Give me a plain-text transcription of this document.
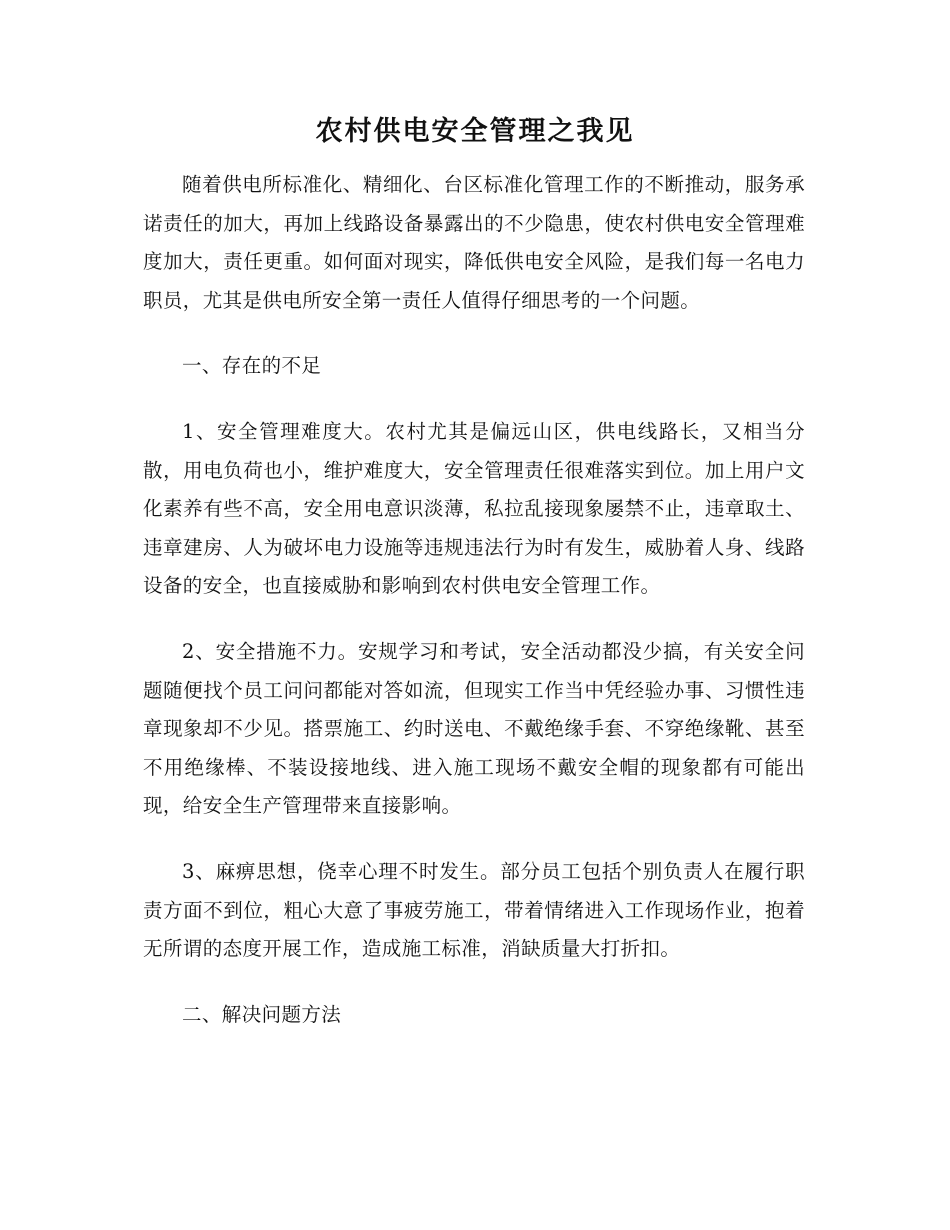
农村供电安全管理之我见

随着供电所标准化、精细化、台区标准化管理工作的不断推动，服务承诺责任的加大，再加上线路设备暴露出的不少隐患，使农村供电安全管理难度加大，责任更重。如何面对现实，降低供电安全风险，是我们每一名电力职员，尤其是供电所安全第一责任人值得仔细思考的一个问题。

一、存在的不足

1、安全管理难度大。农村尤其是偏远山区，供电线路长，又相当分散，用电负荷也小，维护难度大，安全管理责任很难落实到位。加上用户文化素养有些不高，安全用电意识淡薄，私拉乱接现象屡禁不止，违章取土、违章建房、人为破坏电力设施等违规违法行为时有发生，威胁着人身、线路设备的安全，也直接威胁和影响到农村供电安全管理工作。

2、安全措施不力。安规学习和考试，安全活动都没少搞，有关安全问题随便找个员工问问都能对答如流，但现实工作当中凭经验办事、习惯性违章现象却不少见。搭票施工、约时送电、不戴绝缘手套、不穿绝缘靴、甚至不用绝缘棒、不装设接地线、进入施工现场不戴安全帽的现象都有可能出现，给安全生产管理带来直接影响。

3、麻痹思想，侥幸心理不时发生。部分员工包括个别负责人在履行职责方面不到位，粗心大意了事疲劳施工，带着情绪进入工作现场作业，抱着无所谓的态度开展工作，造成施工标准，消缺质量大打折扣。

二、解决问题方法
